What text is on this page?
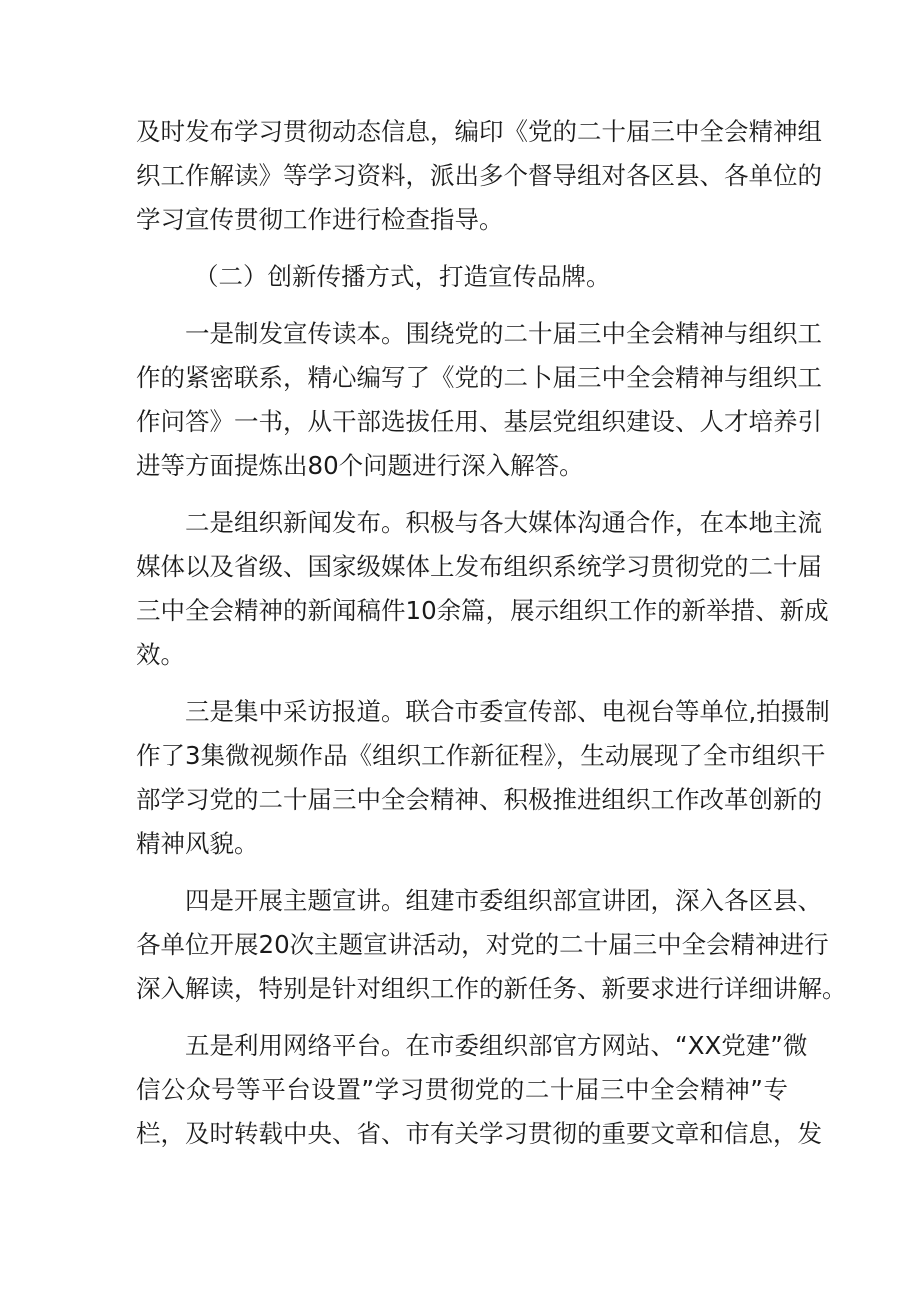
及时发布学习贯彻动态信息，编印《党的二十届三中全会精神组
织工作解读》等学习资料，派出多个督导组对各区县、各单位的
学习宣传贯彻工作进行检查指导。
（二）创新传播方式，打造宣传品牌。
一是制发宣传读本。围绕党的二十届三中全会精神与组织工
作的紧密联系，精心编写了《党的二卜届三中全会精神与组织工
作问答》一书，从干部选拔任用、基层党组织建设、人才培养引
进等方面提炼出80个问题进行深入解答。
二是组织新闻发布。积极与各大媒体沟通合作，在本地主流
媒体以及省级、国家级媒体上发布组织系统学习贯彻党的二十届
三中全会精神的新闻稿件10余篇，展示组织工作的新举措、新成
效。
三是集中采访报道。联合市委宣传部、电视台等单位,拍摄制
作了3集微视频作品《组织工作新征程》，生动展现了全市组织干
部学习党的二十届三中全会精神、积极推进组织工作改革创新的
精神风貌。
四是开展主题宣讲。组建市委组织部宣讲团，深入各区县、
各单位开展20次主题宣讲活动，对党的二十届三中全会精神进行
深入解读，特别是针对组织工作的新任务、新要求进行详细讲解。
五是利用网络平台。在市委组织部官方网站、“XX党建”微
信公众号等平台设置”学习贯彻党的二十届三中全会精神”专
栏，及时转载中央、省、市有关学习贯彻的重要文章和信息，发
